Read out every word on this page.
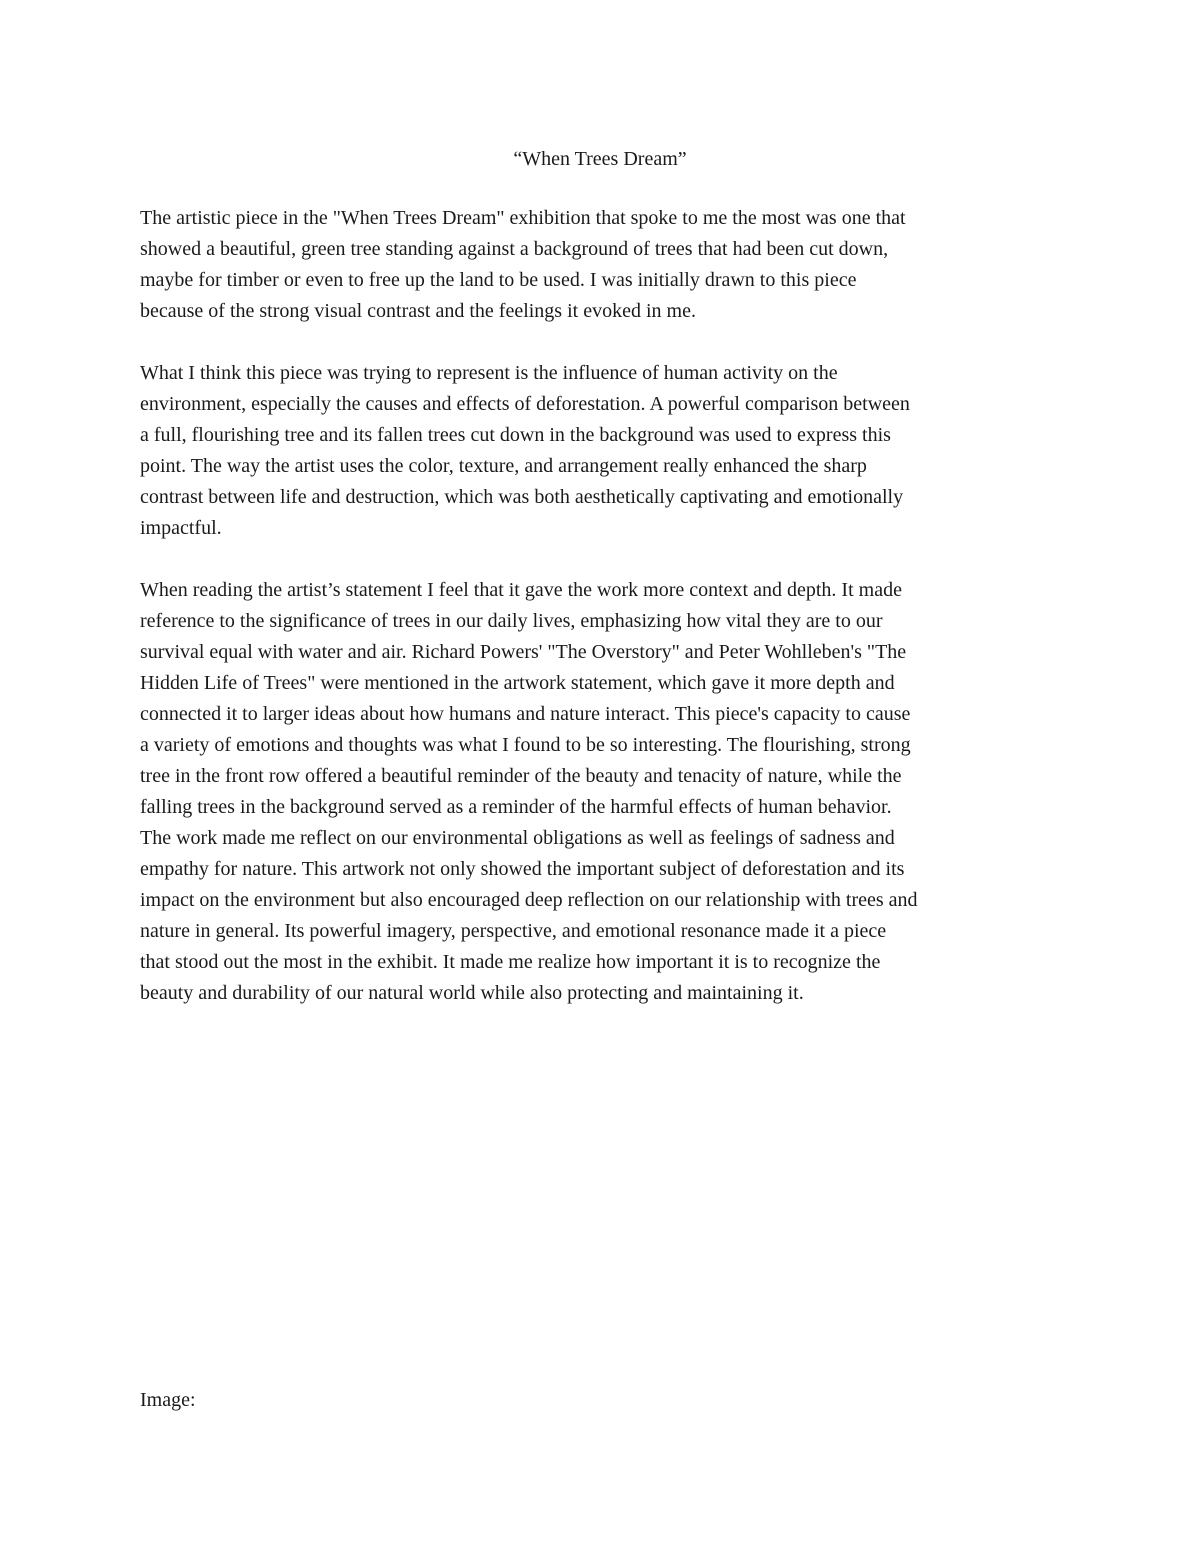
“When Trees Dream”

The artistic piece in the "When Trees Dream" exhibition that spoke to me the most was one that
showed a beautiful, green tree standing against a background of trees that had been cut down,
maybe for timber or even to free up the land to be used. I was initially drawn to this piece
because of the strong visual contrast and the feelings it evoked in me.

What I think this piece was trying to represent is the influence of human activity on the
environment, especially the causes and effects of deforestation. A powerful comparison between
a full, flourishing tree and its fallen trees cut down in the background was used to express this
point. The way the artist uses the color, texture, and arrangement really enhanced the sharp
contrast between life and destruction, which was both aesthetically captivating and emotionally
impactful.

When reading the artist’s statement I feel that it gave the work more context and depth. It made
reference to the significance of trees in our daily lives, emphasizing how vital they are to our
survival equal with water and air. Richard Powers' "The Overstory" and Peter Wohlleben's "The
Hidden Life of Trees" were mentioned in the artwork statement, which gave it more depth and
connected it to larger ideas about how humans and nature interact. This piece's capacity to cause
a variety of emotions and thoughts was what I found to be so interesting. The flourishing, strong
tree in the front row offered a beautiful reminder of the beauty and tenacity of nature, while the
falling trees in the background served as a reminder of the harmful effects of human behavior.
The work made me reflect on our environmental obligations as well as feelings of sadness and
empathy for nature. This artwork not only showed the important subject of deforestation and its
impact on the environment but also encouraged deep reflection on our relationship with trees and
nature in general. Its powerful imagery, perspective, and emotional resonance made it a piece
that stood out the most in the exhibit. It made me realize how important it is to recognize the
beauty and durability of our natural world while also protecting and maintaining it.

Image:
